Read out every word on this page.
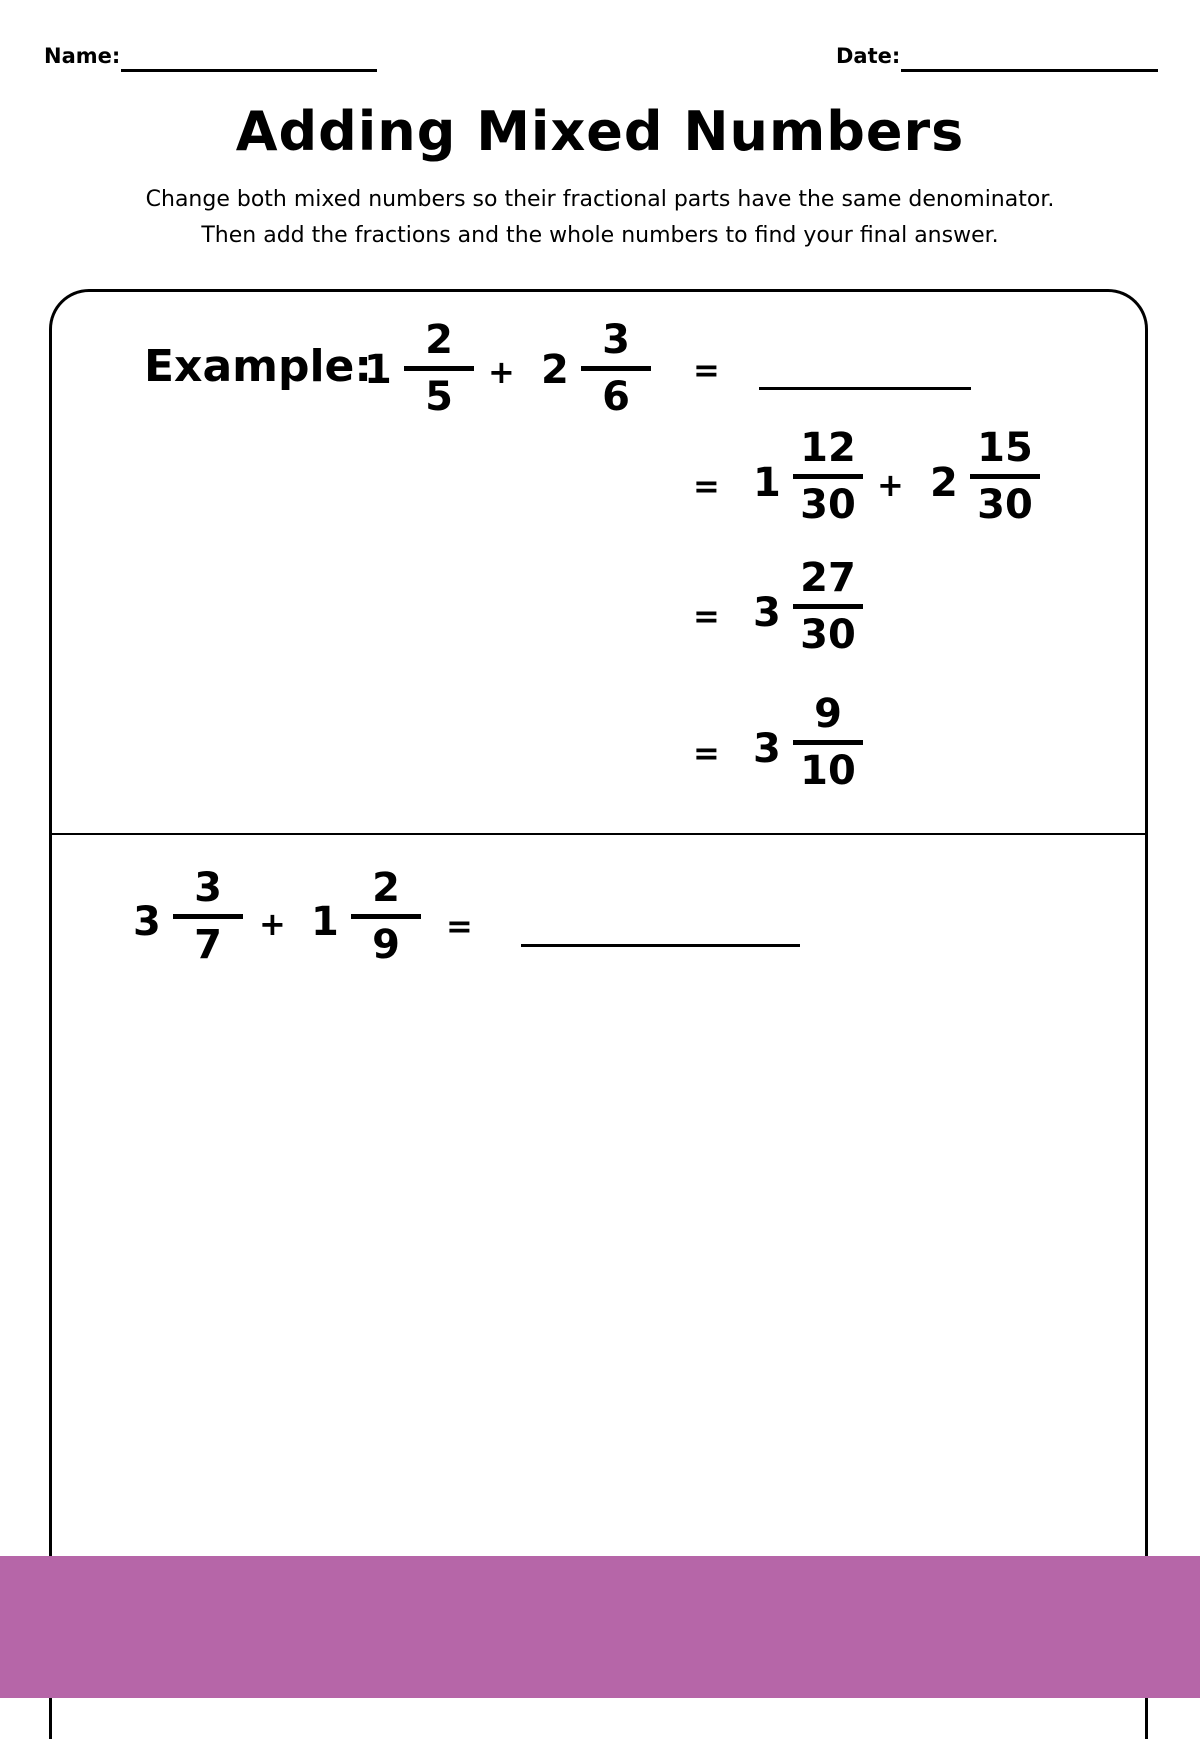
Name:	Date:
Adding Mixed Numbers
Change both mixed numbers so their fractional parts have the same denominator.
Then add the fractions and the whole numbers to find your final answer.
Example:
1
2
5
+ 2
3
6
=
= 1
12
30 + 2
15
30
= 3
27
30
= 3
9
10
3
3
7 + 1
2
9 =
